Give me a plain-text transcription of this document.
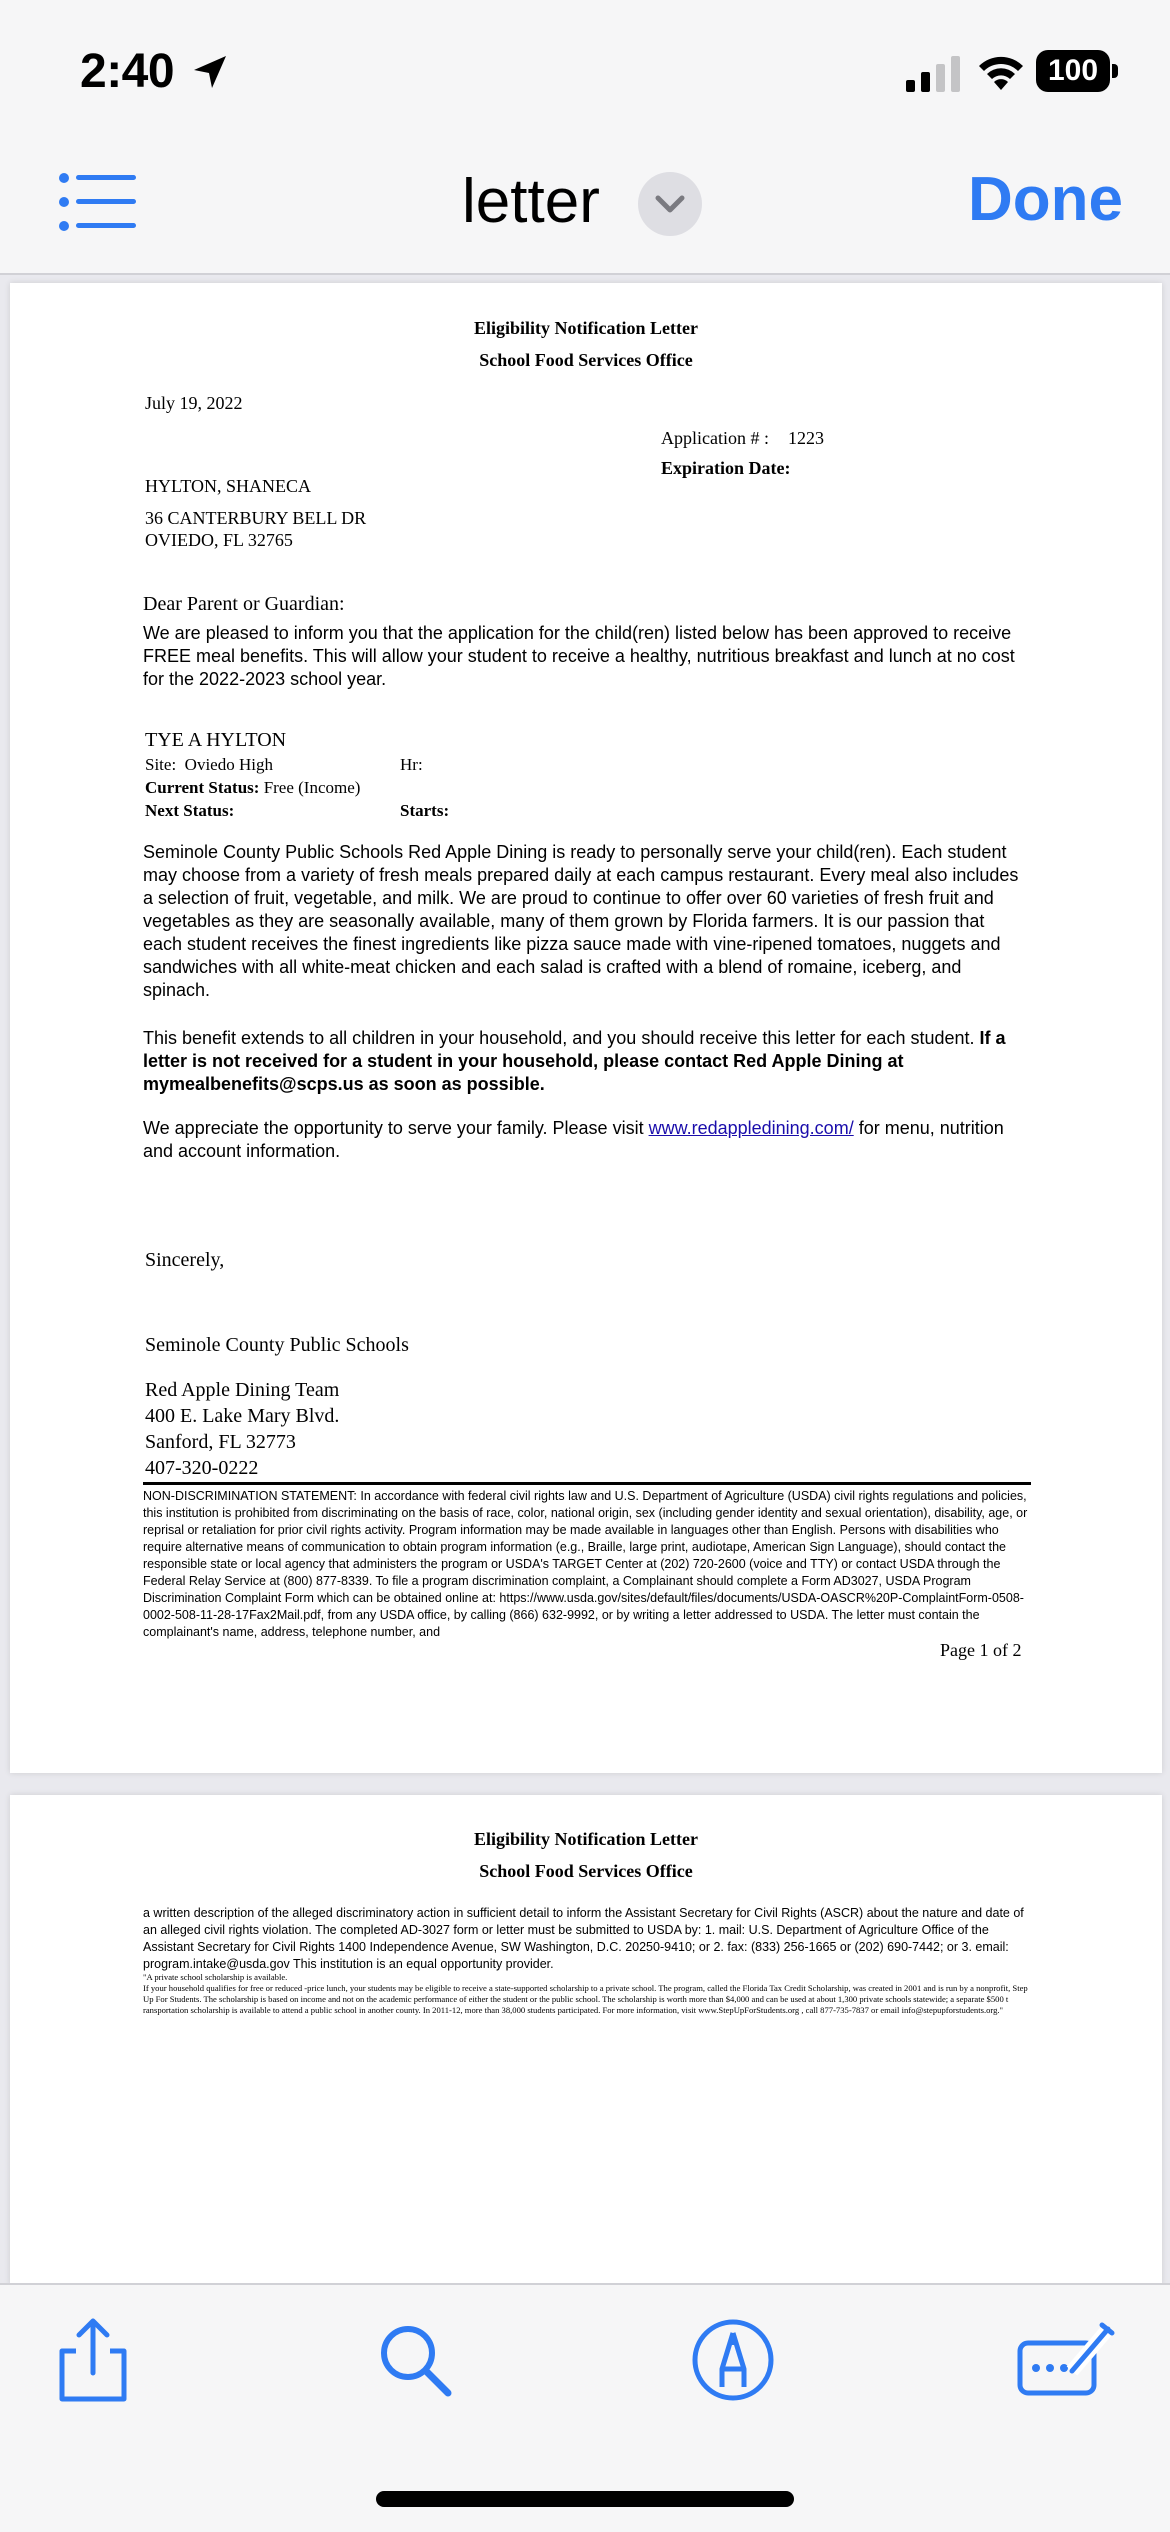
2:40	100
letter	Done
Eligibility Notification Letter
School Food Services Office
July 19, 2022
Application # : 1223
Expiration Date:
HYLTON, SHANECA
36 CANTERBURY BELL DR
OVIEDO, FL 32765
Dear Parent or Guardian:
We are pleased to inform you that the application for the child(ren) listed below has been approved to receive FREE meal benefits. This will allow your student to receive a healthy, nutritious breakfast and lunch at no cost for the 2022-2023 school year.
TYE A HYLTON
Site: Oviedo High	Hr:
Current Status: Free (Income)
Next Status:	Starts:
Seminole County Public Schools Red Apple Dining is ready to personally serve your child(ren). Each student may choose from a variety of fresh meals prepared daily at each campus restaurant. Every meal also includes a selection of fruit, vegetable, and milk. We are proud to continue to offer over 60 varieties of fresh fruit and vegetables as they are seasonally available, many of them grown by Florida farmers. It is our passion that each student receives the finest ingredients like pizza sauce made with vine-ripened tomatoes, nuggets and sandwiches with all white-meat chicken and each salad is crafted with a blend of romaine, iceberg, and spinach.
This benefit extends to all children in your household, and you should receive this letter for each student. If a letter is not received for a student in your household, please contact Red Apple Dining at mymealbenefits@scps.us as soon as possible.
We appreciate the opportunity to serve your family. Please visit www.redappledining.com/ for menu, nutrition and account information.
Sincerely,
Seminole County Public Schools
Red Apple Dining Team
400 E. Lake Mary Blvd.
Sanford, FL 32773
407-320-0222
NON-DISCRIMINATION STATEMENT: In accordance with federal civil rights law and U.S. Department of Agriculture (USDA) civil rights regulations and policies, this institution is prohibited from discriminating on the basis of race, color, national origin, sex (including gender identity and sexual orientation), disability, age, or reprisal or retaliation for prior civil rights activity. Program information may be made available in languages other than English. Persons with disabilities who require alternative means of communication to obtain program information (e.g., Braille, large print, audiotape, American Sign Language), should contact the responsible state or local agency that administers the program or USDA's TARGET Center at (202) 720-2600 (voice and TTY) or contact USDA through the Federal Relay Service at (800) 877-8339. To file a program discrimination complaint, a Complainant should complete a Form AD3027, USDA Program Discrimination Complaint Form which can be obtained online at: https://www.usda.gov/sites/default/files/documents/USDA-OASCR%20P-ComplaintForm-0508-0002-508-11-28-17Fax2Mail.pdf, from any USDA office, by calling (866) 632-9992, or by writing a letter addressed to USDA. The letter must contain the complainant's name, address, telephone number, and
Page 1 of 2
Eligibility Notification Letter
School Food Services Office
a written description of the alleged discriminatory action in sufficient detail to inform the Assistant Secretary for Civil Rights (ASCR) about the nature and date of an alleged civil rights violation. The completed AD-3027 form or letter must be submitted to USDA by: 1. mail: U.S. Department of Agriculture Office of the Assistant Secretary for Civil Rights 1400 Independence Avenue, SW Washington, D.C. 20250-9410; or 2. fax: (833) 256-1665 or (202) 690-7442; or 3. email: program.intake@usda.gov This institution is an equal opportunity provider.
"A private school scholarship is available.
If your household qualifies for free or reduced -price lunch, your students may be eligible to receive a state-supported scholarship to a private school. The program, called the Florida Tax Credit Scholarship, was created in 2001 and is run by a nonprofit, Step Up For Students. The scholarship is based on income and not on the academic performance of either the student or the public school. The scholarship is worth more than $4,000 and can be used at about 1,300 private schools statewide; a separate $500 t ransportation scholarship is available to attend a public school in another county. In 2011-12, more than 38,000 students participated. For more information, visit www.StepUpForStudents.org , call 877-735-7837 or email info@stepupforstudents.org."
